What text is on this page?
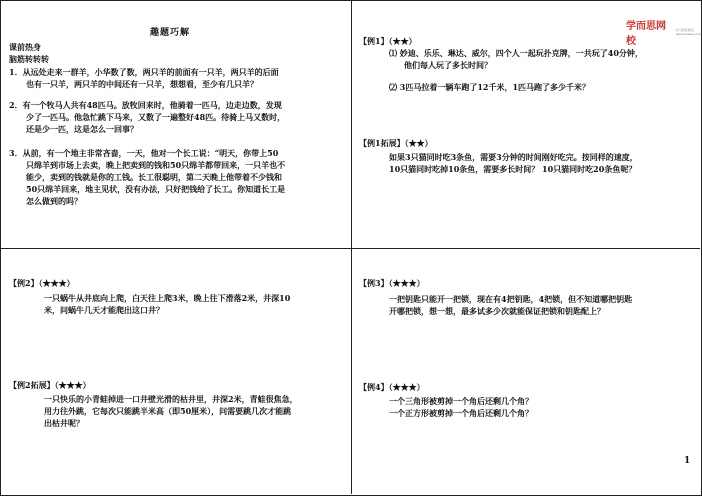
趣题巧解
课前热身
脑筋转转转
1．从远处走来一群羊，小华数了数，两只羊的前面有一只羊，两只羊的后面
也有一只羊，两只羊的中间还有一只羊，想想看，至少有几只羊？
2．有一个牧马人共有48匹马。放牧回来时，他骑着一匹马，边走边数，发现
少了一匹马。他急忙跳下马来，又数了一遍整好48匹。待骑上马又数时，
还是少一匹，这是怎么一回事？
3．从前，有一个地主非常吝啬，一天，他对一个长工说：“明天，你带上50
只绵羊到市场上去卖，晚上把卖到的钱和50只绵羊都带回来，一只羊也不
能少，卖到的钱就是你的工钱。长工很聪明，第二天晚上他带着不少钱和
50只绵羊回来，地主见状，没有办法，只好把钱给了长工。你知道长工是
怎么做到的吗？
学而思网校
学习改变命运
www.xueersi.com
【例1】（★★）
⑴ 妙迪、乐乐、琳达、威尔，四个人一起玩扑克牌，一共玩了40分钟，
他们每人玩了多长时间？
⑵ 3匹马拉着一辆车跑了12千米，1匹马跑了多少千米？
【例1拓展】（★★）
如果3只猫同时吃3条鱼，需要3分钟的时间刚好吃完。按同样的速度，
10只猫同时吃掉10条鱼，需要多长时间？ 10只猫同时吃20条鱼呢？
【例2】（★★★）
一只蜗牛从井底向上爬，白天往上爬3米，晚上往下滑落2米，井深10
米，问蜗牛几天才能爬出这口井？
【例2拓展】（★★★）
一只快乐的小青蛙掉进一口井壁光滑的枯井里，井深2米，青蛙很焦急，
用力往外跳，它每次只能跳半米高（即50厘米），问需要跳几次才能跳
出枯井呢？
【例3】（★★★）
一把钥匙只能开一把锁，现在有4把钥匙，4把锁，但不知道哪把钥匙
开哪把锁，想一想，最多试多少次就能保证把锁和钥匙配上？
【例4】（★★★）
一个三角形被剪掉一个角后还剩几个角？
一个正方形被剪掉一个角后还剩几个角？
1
